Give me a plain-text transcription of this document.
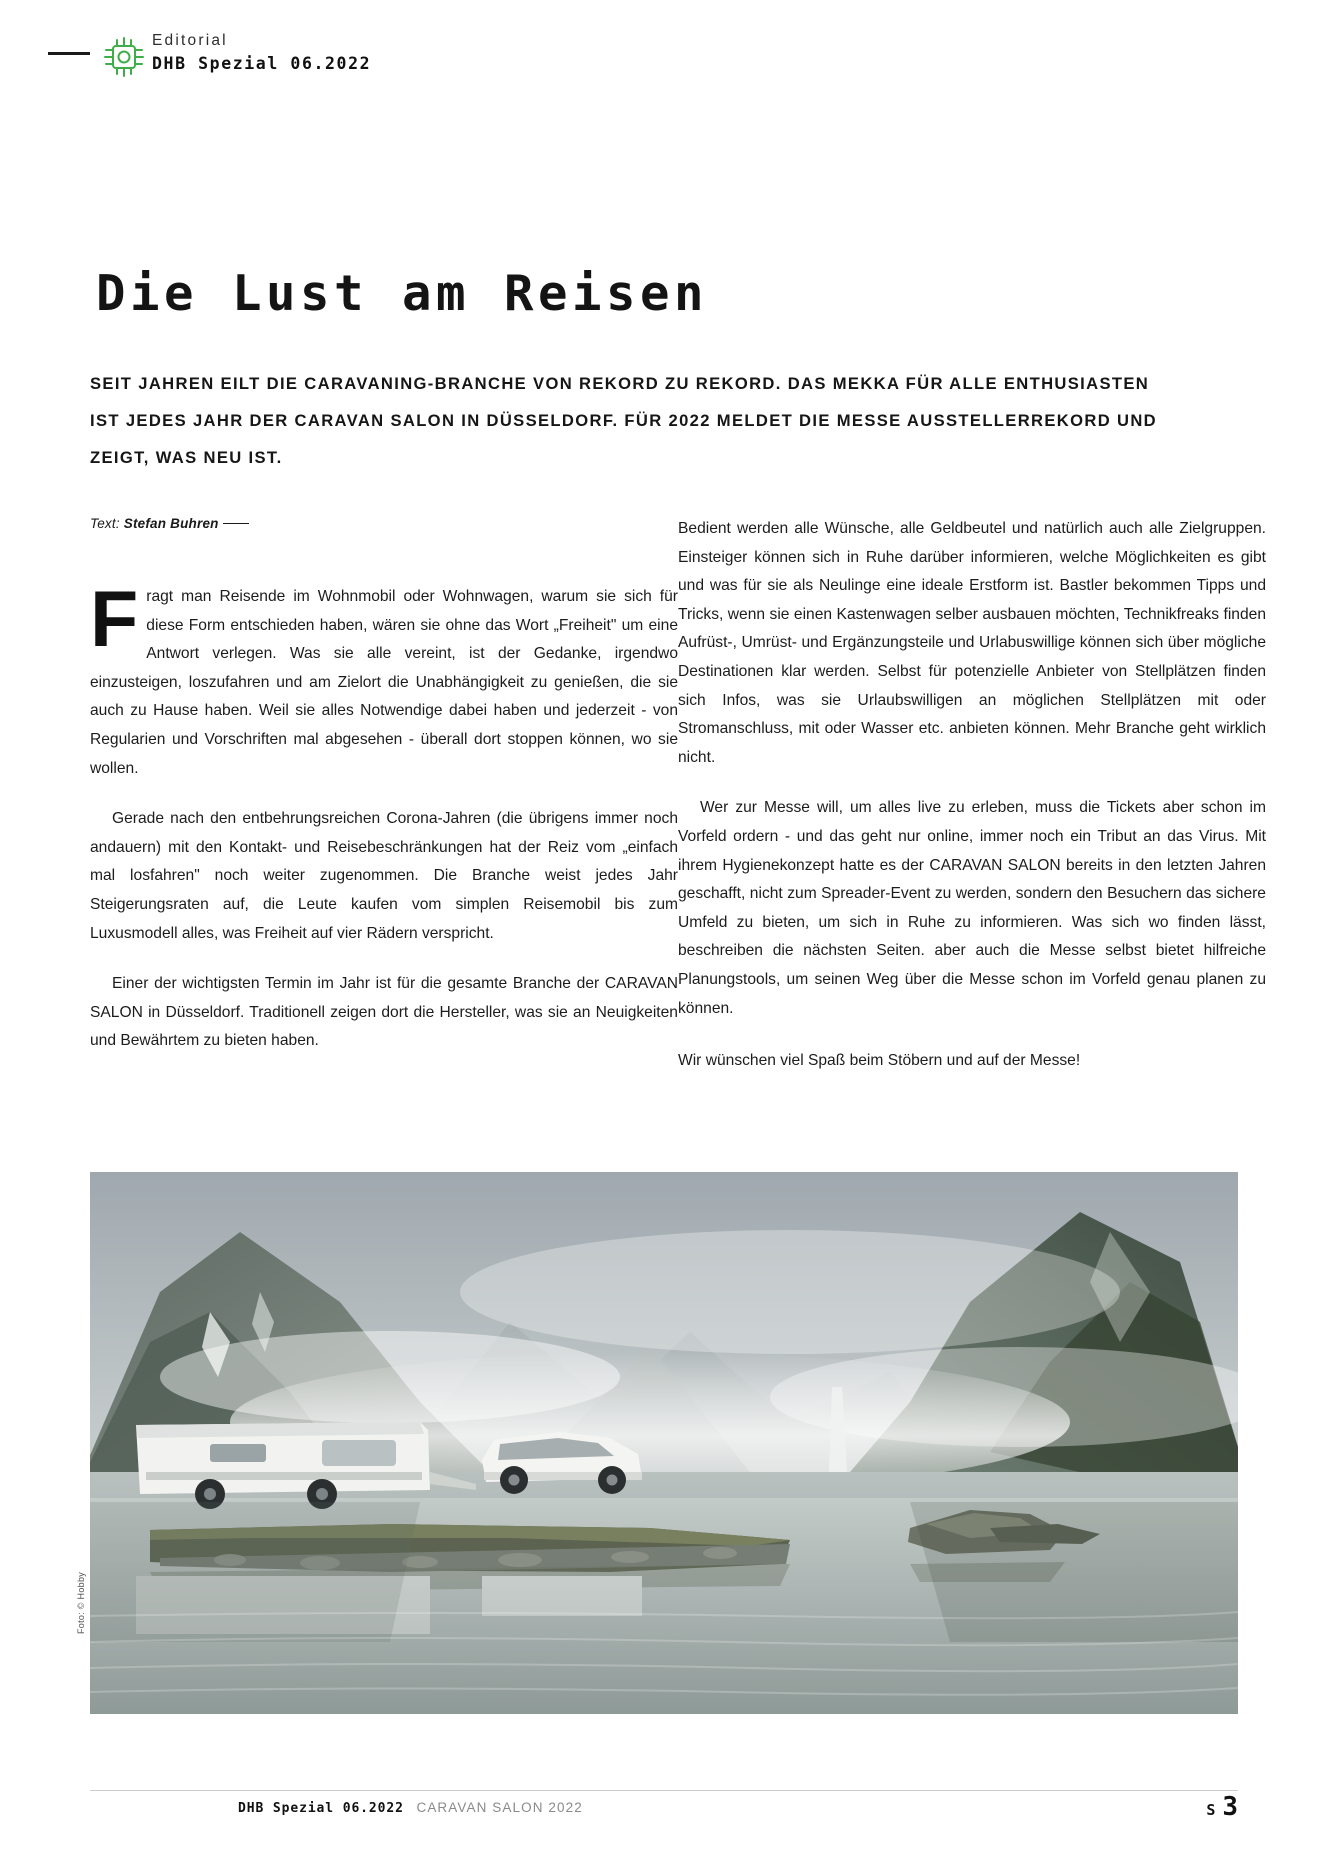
Editorial
DHB Spezial 06.2022
Die Lust am Reisen
SEIT JAHREN EILT DIE CARAVANING-BRANCHE VON REKORD ZU REKORD. DAS MEKKA FÜR ALLE ENTHUSIASTEN IST JEDES JAHR DER CARAVAN SALON IN DÜSSELDORF. FÜR 2022 MELDET DIE MESSE AUSSTELLERREKORD UND ZEIGT, WAS NEU IST.
Text: Stefan Buhren

Fragt man Reisende im Wohnmobil oder Wohnwagen, warum sie sich für diese Form entschieden haben, wären sie ohne das Wort „Freiheit" um eine Antwort verlegen. Was sie alle vereint, ist der Gedanke, irgendwo einzusteigen, loszufahren und am Zielort die Unabhängigkeit zu genießen, die sie auch zu Hause haben. Weil sie alles Notwendige dabei haben und jederzeit - von Regularien und Vorschriften mal abgesehen - überall dort stoppen können, wo sie wollen.

Gerade nach den entbehrungsreichen Corona-Jahren (die übrigens immer noch andauern) mit den Kontakt- und Reisebeschränkungen hat der Reiz vom „einfach mal losfahren" noch weiter zugenommen. Die Branche weist jedes Jahr Steigerungsraten auf, die Leute kaufen vom simplen Reisemobil bis zum Luxusmodell alles, was Freiheit auf vier Rädern verspricht.

Einer der wichtigsten Termin im Jahr ist für die gesamte Branche der CARAVAN SALON in Düsseldorf. Traditionell zeigen dort die Hersteller, was sie an Neuigkeiten und Bewährtem zu bieten haben.

Bedient werden alle Wünsche, alle Geldbeutel und natürlich auch alle Zielgruppen. Einsteiger können sich in Ruhe darüber informieren, welche Möglichkeiten es gibt und was für sie als Neulinge eine ideale Erstform ist. Bastler bekommen Tipps und Tricks, wenn sie einen Kastenwagen selber ausbauen möchten, Technikfreaks finden Aufrüst-, Umrüst- und Ergänzungsteile und Urlabuswillige können sich über mögliche Destinationen klar werden. Selbst für potenzielle Anbieter von Stellplätzen finden sich Infos, was sie Urlaubswilligen an möglichen Stellplätzen mit oder Stromanschluss, mit oder Wasser etc. anbieten können. Mehr Branche geht wirklich nicht.

Wer zur Messe will, um alles live zu erleben, muss die Tickets aber schon im Vorfeld ordern - und das geht nur online, immer noch ein Tribut an das Virus. Mit ihrem Hygienekonzept hatte es der CARAVAN SALON bereits in den letzten Jahren geschafft, nicht zum Spreader-Event zu werden, sondern den Besuchern das sichere Umfeld zu bieten, um sich in Ruhe zu informieren. Was sich wo finden lässt, beschreiben die nächsten Seiten. aber auch die Messe selbst bietet hilfreiche Planungstools, um seinen Weg über die Messe schon im Vorfeld genau planen zu können.

Wir wünschen viel Spaß beim Stöbern und auf der Messe!

Foto: © Hobby
DHB Spezial 06.2022 CARAVAN SALON 2022	S 3
